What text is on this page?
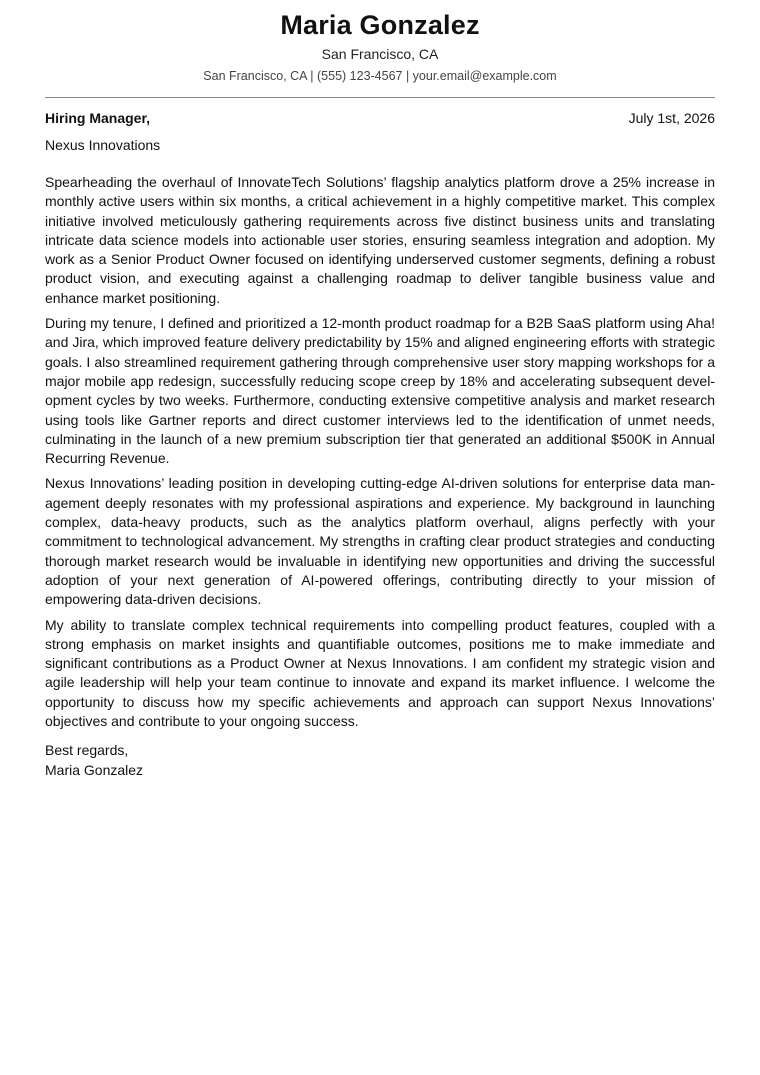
Maria Gonzalez
San Francisco, CA
San Francisco, CA | (555) 123-4567 | your.email@example.com
Hiring Manager,	July 1st, 2026
Nexus Innovations

Spearheading the overhaul of InnovateTech Solutions’ flagship analytics platform drove a 25% increase in monthly active users within six months, a critical achievement in a highly competitive market. This complex initiative involved meticulously gathering requirements across five distinct business units and translating intricate data science models into actionable user stories, ensuring seamless integration and adoption. My work as a Senior Product Owner focused on identifying underserved customer segments, defining a robust product vision, and executing against a challenging roadmap to deliver tangible business value and enhance market positioning.

During my tenure, I defined and prioritized a 12-month product roadmap for a B2B SaaS platform using Aha! and Jira, which improved feature delivery predictability by 15% and aligned engineering efforts with strategic goals. I also streamlined requirement gathering through comprehensive user story mapping workshops for a major mobile app redesign, successfully reducing scope creep by 18% and accelerating subsequent development cycles by two weeks. Furthermore, conducting extensive competitive analysis and market research using tools like Gartner reports and direct customer interviews led to the identification of unmet needs, culminating in the launch of a new premium subscription tier that generated an additional $500K in Annual Recurring Revenue.

Nexus Innovations’ leading position in developing cutting-edge AI-driven solutions for enterprise data management deeply resonates with my professional aspirations and experience. My background in launching complex, data-heavy products, such as the analytics platform overhaul, aligns perfectly with your commitment to technological advancement. My strengths in crafting clear product strategies and conducting thorough market research would be invaluable in identifying new opportunities and driving the successful adoption of your next generation of AI-powered offerings, contributing directly to your mission of empowering data-driven decisions.

My ability to translate complex technical requirements into compelling product features, coupled with a strong emphasis on market insights and quantifiable outcomes, positions me to make immediate and significant contributions as a Product Owner at Nexus Innovations. I am confident my strategic vision and agile leadership will help your team continue to innovate and expand its market influence. I welcome the opportunity to discuss how my specific achievements and approach can support Nexus Innovations’ objectives and contribute to your ongoing success.

Best regards,
Maria Gonzalez
